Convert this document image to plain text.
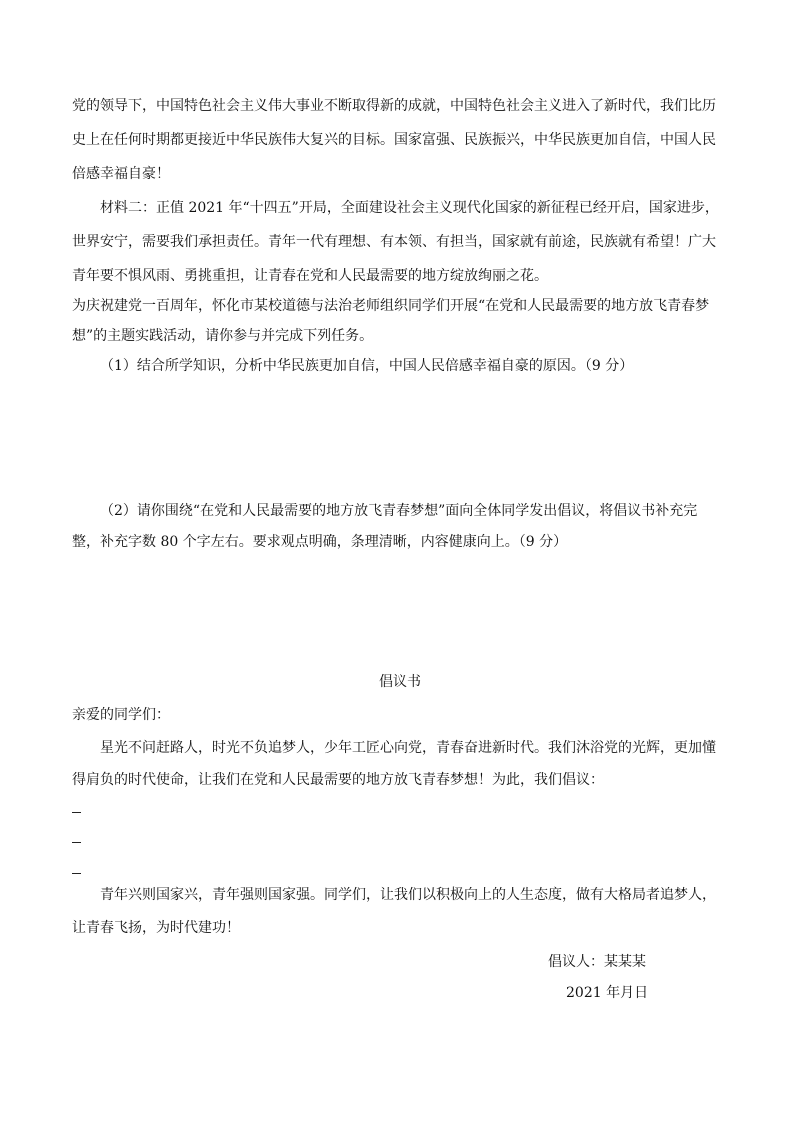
党的领导下，中国特色社会主义伟大事业不断取得新的成就，中国特色社会主义进入了新时代，我们比历
史上在任何时期都更接近中华民族伟大复兴的目标。国家富强、民族振兴，中华民族更加自信，中国人民
倍感幸福自豪！
材料二：正值 2021 年“十四五”开局，全面建设社会主义现代化国家的新征程已经开启，国家进步，
世界安宁，需要我们承担责任。青年一代有理想、有本领、有担当，国家就有前途，民族就有希望！广大
青年要不惧风雨、勇挑重担，让青春在党和人民最需要的地方绽放绚丽之花。
为庆祝建党一百周年，怀化市某校道德与法治老师组织同学们开展“在党和人民最需要的地方放飞青春梦
想”的主题实践活动，请你参与并完成下列任务。
（1）结合所学知识，分析中华民族更加自信，中国人民倍感幸福自豪的原因。（9 分）
（2）请你围绕“在党和人民最需要的地方放飞青春梦想”面向全体同学发出倡议，将倡议书补充完
整，补充字数 80 个字左右。要求观点明确，条理清晰，内容健康向上。（9 分）
倡议书
亲爱的同学们：
星光不问赶路人，时光不负追梦人，少年工匠心向党，青春奋进新时代。我们沐浴党的光辉，更加懂
得肩负的时代使命，让我们在党和人民最需要的地方放飞青春梦想！为此，我们倡议：
青年兴则国家兴，青年强则国家强。同学们，让我们以积极向上的人生态度，做有大格局者追梦人，
让青春飞扬，为时代建功！
倡议人：某某某
2021 年月日
